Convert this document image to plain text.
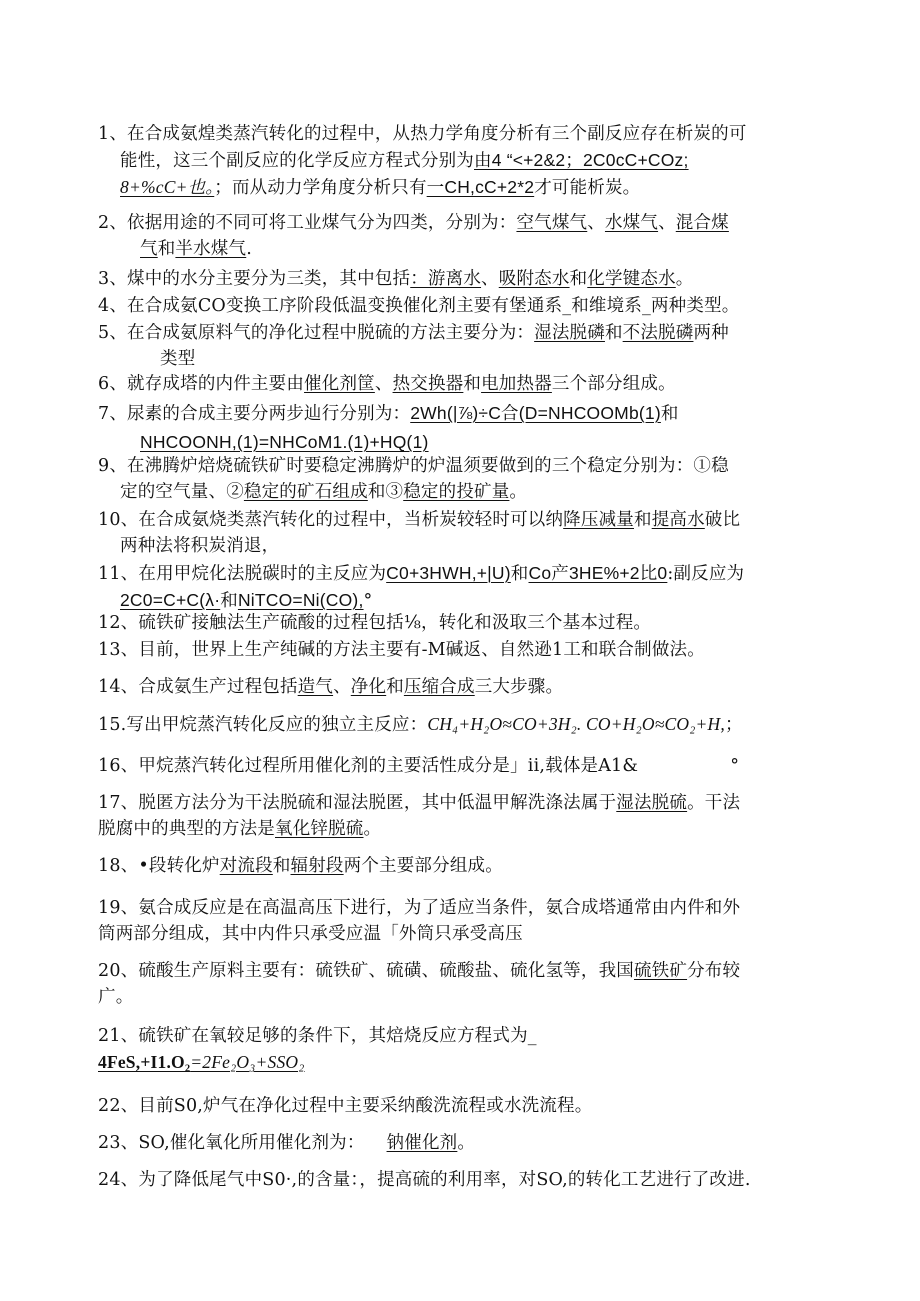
1、在合成氨煌类蒸汽转化的过程中，从热力学角度分析有三个副反应存在析炭的可
能性，这三个副反应的化学反应方程式分别为由4 “<+2&2；2C0cC+COz;
8+%cC+也。；而从动力学角度分析只有一CH,cC+2*2才可能析炭。
2、依据用途的不同可将工业煤气分为四类，分别为：空气煤气、水煤气、混合煤
气和半水煤气.
3、煤中的水分主要分为三类，其中包括：游离水、吸附态水和化学键态水。
4、在合成氨CO变换工序阶段低温变换催化剂主要有堡通系_和维境系_两种类型。
5、在合成氨原料气的净化过程中脱硫的方法主要分为：湿法脱磷和不法脱磷两种
类型
6、就存成塔的内件主要由催化剂筐、热交换器和电加热器三个部分组成。
7、尿素的合成主要分两步辿行分别为：2Wh(|⅞)÷C合(D=NHCOOMb(1)和
NHCOONH,(1)=NHCoM1.(1)+HQ(1)
9、在沸腾炉焙烧硫铁矿时要稳定沸腾炉的炉温须要做到的三个稳定分别为：①稳
定的空气量、②稳定的矿石组成和③稳定的投矿量。
10、在合成氨烧类蒸汽转化的过程中，当析炭较轻时可以纳降压减量和提高水破比
两种法将积炭消退，
11、在用甲烷化法脱碳时的主反应为C0+3HWH,+|U)和Co产3HE%+2比0:副反应为
2C0=C+C(λ·和NiTCO=Ni(CO),°
12、硫铁矿接触法生产硫酸的过程包括⅛，转化和汲取三个基本过程。
13、目前，世界上生产纯碱的方法主要有-M碱返、自然逊1工和联合制做法。
14、合成氨生产过程包括造气、净化和压缩合成三大步骤。
15.写出甲烷蒸汽转化反应的独立主反应：CH₄+H₂O≈CO+3H₂. CO+H₂O≈CO₂+H,；
16、甲烷蒸汽转化过程所用催化剂的主要活性成分是」ii,载体是A1&	°
17、脱匿方法分为干法脱硫和湿法脱匿，其中低温甲解洗涤法属于湿法脱硫。干法
脱腐中的典型的方法是氧化锌脱硫。
18、•段转化炉对流段和辐射段两个主要部分组成。
19、氨合成反应是在高温高压下进行，为了适应当条件，氨合成塔通常由内件和外
筒两部分组成，其中内件只承受应温「外筒只承受高压
20、硫酸生产原料主要有：硫铁矿、硫磺、硫酸盐、硫化氢等，我国硫铁矿分布较
广。
21、硫铁矿在氧较足够的条件下，其焙烧反应方程式为_
4FeS,+I1.O₂=2Fe₂O₃+SSO₂
22、目前S0,炉气在净化过程中主要采纳酸洗流程或水洗流程。
23、SO,催化氧化所用催化剂为： 钠催化剂。
24、为了降低尾气中S0·,的含量：，提高硫的利用率，对SO,的转化工艺进行了改进.
